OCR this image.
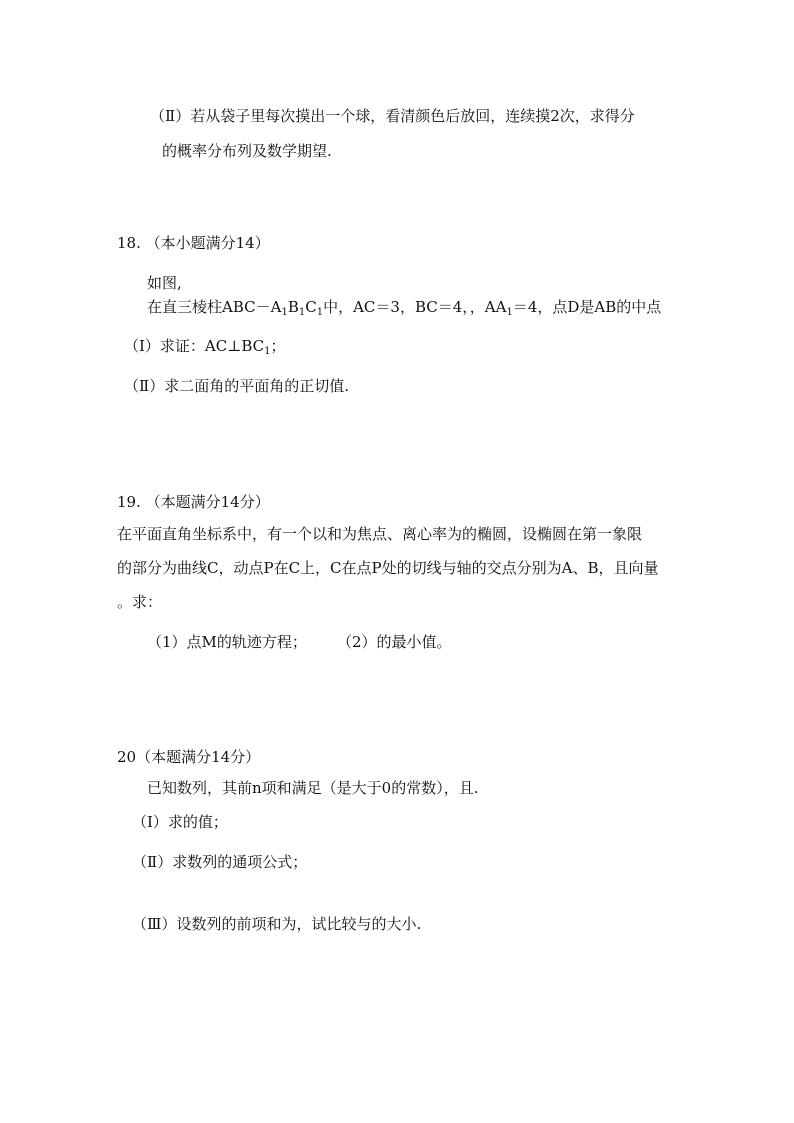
（Ⅱ）若从袋子里每次摸出一个球，看清颜色后放回，连续摸2次，求得分
的概率分布列及数学期望.
18. （本小题满分14）
如图,
在直三棱柱$ABC-A_1B_1C_1$中，AC＝3，BC＝4，，$AA_1=4$，点D是AB的中点
（Ⅰ）求证：$AC\perp BC_1$；
（Ⅱ）求二面角的平面角的正切值.
19. （本题满分14分）
在平面直角坐标系中，有一个以和为焦点、离心率为的椭圆，设椭圆在第一象限
的部分为曲线C，动点P在C上，C在点P处的切线与轴的交点分别为A、B，且向量
。求：
（1）点M的轨迹方程； （2）的最小值。
20（本题满分14分）
已知数列，其前n项和满足（是大于0的常数），且.
（Ⅰ）求的值；
（Ⅱ）求数列的通项公式；
（Ⅲ）设数列的前项和为，试比较与的大小.
